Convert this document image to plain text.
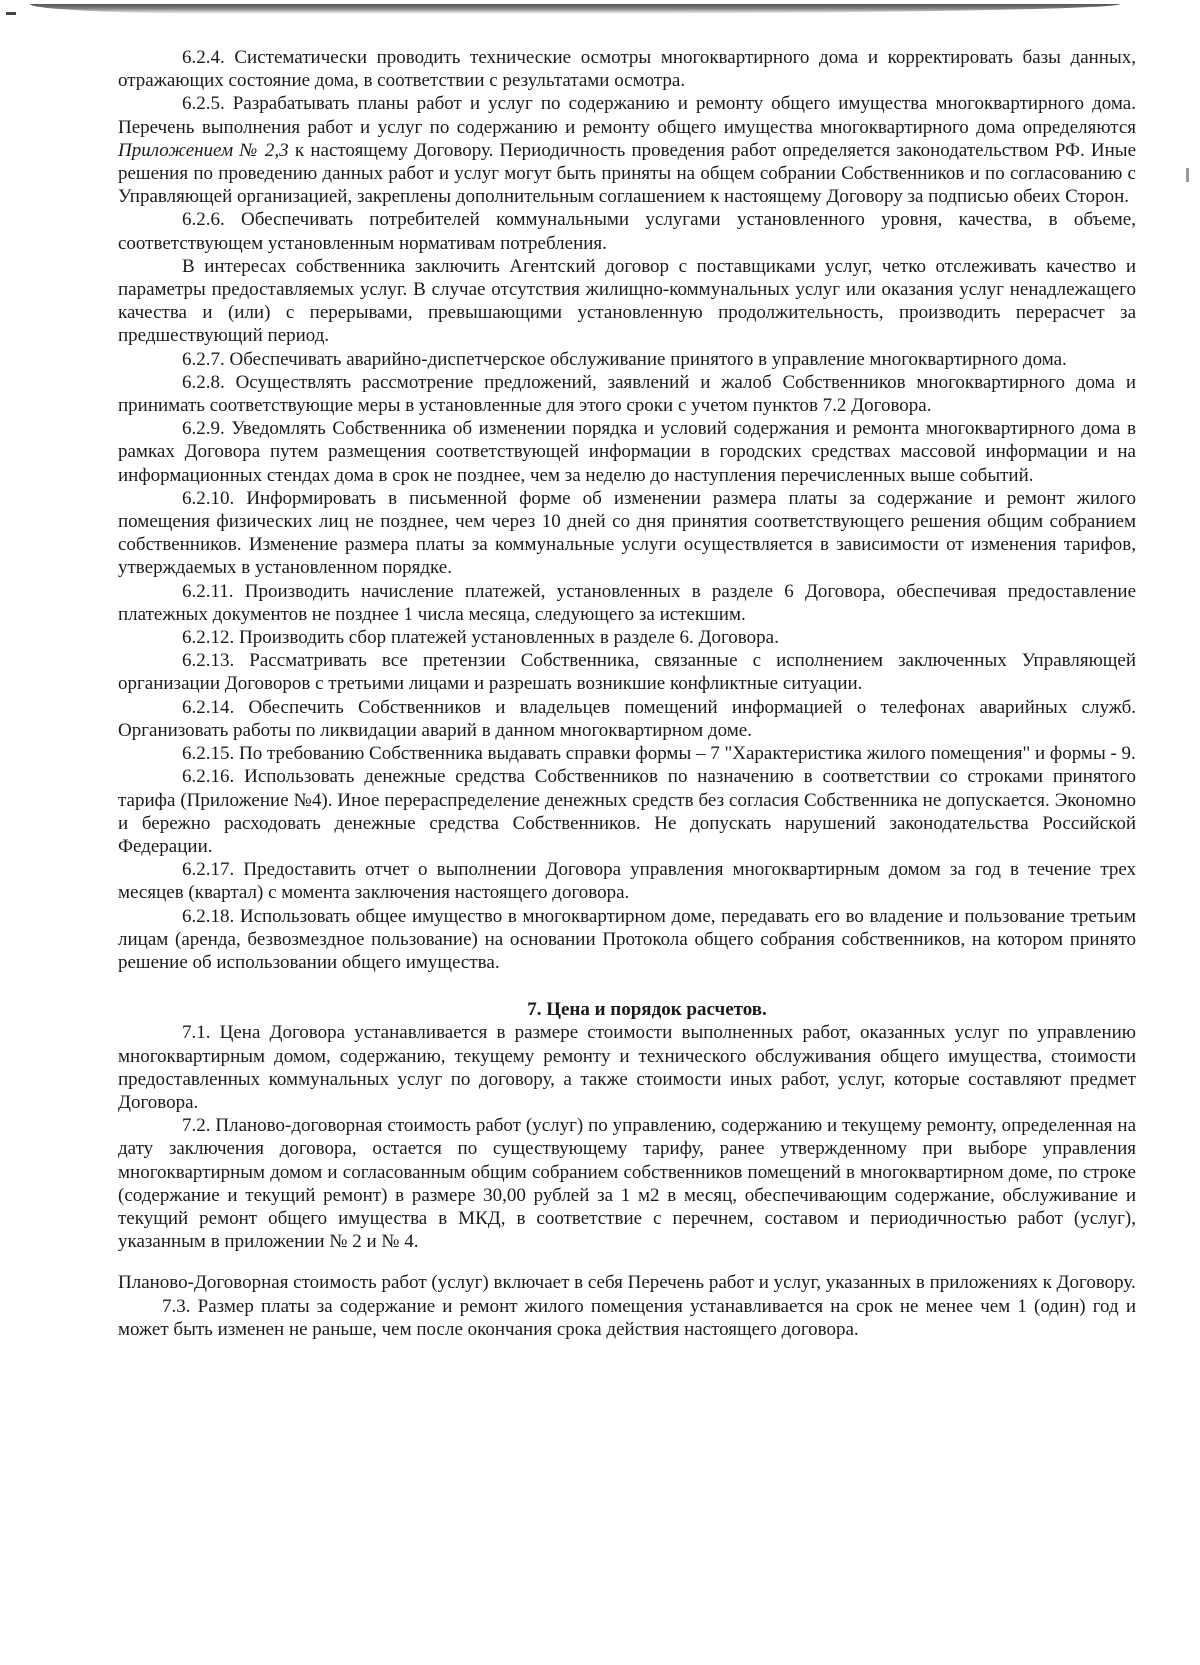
6.2.4. Систематически проводить технические осмотры многоквартирного дома и корректировать базы данных, отражающих состояние дома, в соответствии с результатами осмотра.

6.2.5. Разрабатывать планы работ и услуг по содержанию и ремонту общего имущества многоквартирного дома. Перечень выполнения работ и услуг по содержанию и ремонту общего имущества многоквартирного дома определяются Приложением № 2,3 к настоящему Договору. Периодичность проведения работ определяется законодательством РФ. Иные решения по проведению данных работ и услуг могут быть приняты на общем собрании Собственников и по согласованию с Управляющей организацией, закреплены дополнительным соглашением к настоящему Договору за подписью обеих Сторон.

6.2.6. Обеспечивать потребителей коммунальными услугами установленного уровня, качества, в объеме, соответствующем установленным нормативам потребления.

В интересах собственника заключить Агентский договор с поставщиками услуг, четко отслеживать качество и параметры предоставляемых услуг. В случае отсутствия жилищно-коммунальных услуг или оказания услуг ненадлежащего качества и (или) с перерывами, превышающими установленную продолжительность, производить перерасчет за предшествующий период.

6.2.7. Обеспечивать аварийно-диспетчерское обслуживание принятого в управление многоквартирного дома.

6.2.8. Осуществлять рассмотрение предложений, заявлений и жалоб Собственников многоквартирного дома и принимать соответствующие меры в установленные для этого сроки с учетом пунктов 7.2 Договора.

6.2.9. Уведомлять Собственника об изменении порядка и условий содержания и ремонта многоквартирного дома в рамках Договора путем размещения соответствующей информации в городских средствах массовой информации и на информационных стендах дома в срок не позднее, чем за неделю до наступления перечисленных выше событий.

6.2.10. Информировать в письменной форме об изменении размера платы за содержание и ремонт жилого помещения физических лиц не позднее, чем через 10 дней со дня принятия соответствующего решения общим собранием собственников. Изменение размера платы за коммунальные услуги осуществляется в зависимости от изменения тарифов, утверждаемых в установленном порядке.

6.2.11. Производить начисление платежей, установленных в разделе 6 Договора, обеспечивая предоставление платежных документов не позднее 1 числа месяца, следующего за истекшим.

6.2.12. Производить сбор платежей установленных в разделе 6. Договора.

6.2.13. Рассматривать все претензии Собственника, связанные с исполнением заключенных Управляющей организации Договоров с третьими лицами и разрешать возникшие конфликтные ситуации.

6.2.14. Обеспечить Собственников и владельцев помещений информацией о телефонах аварийных служб. Организовать работы по ликвидации аварий в данном многоквартирном доме.

6.2.15. По требованию Собственника выдавать справки формы – 7 "Характеристика жилого помещения" и формы - 9.

6.2.16. Использовать денежные средства Собственников по назначению в соответствии со строками принятого тарифа (Приложение №4). Иное перераспределение денежных средств без согласия Собственника не допускается. Экономно и бережно расходовать денежные средства Собственников. Не допускать нарушений законодательства Российской Федерации.

6.2.17. Предоставить отчет о выполнении Договора управления многоквартирным домом за год в течение трех месяцев (квартал) с момента заключения настоящего договора.

6.2.18. Использовать общее имущество в многоквартирном доме, передавать его во владение и пользование третьим лицам (аренда, безвозмездное пользование) на основании Протокола общего собрания собственников, на котором принято решение об использовании общего имущества.

7. Цена и порядок расчетов.

7.1. Цена Договора устанавливается в размере стоимости выполненных работ, оказанных услуг по управлению многоквартирным домом, содержанию, текущему ремонту и технического обслуживания общего имущества, стоимости предоставленных коммунальных услуг по договору, а также стоимости иных работ, услуг, которые составляют предмет Договора.

7.2. Планово-договорная стоимость работ (услуг) по управлению, содержанию и текущему ремонту, определенная на дату заключения договора, остается по существующему тарифу, ранее утвержденному при выборе управления многоквартирным домом и согласованным общим собранием собственников помещений в многоквартирном доме, по строке (содержание и текущий ремонт) в размере 30,00 рублей за 1 м2 в месяц, обеспечивающим содержание, обслуживание и текущий ремонт общего имущества в МКД, в соответствие с перечнем, составом и периодичностью работ (услуг), указанным в приложении № 2 и № 4.

Планово-Договорная стоимость работ (услуг) включает в себя Перечень работ и услуг, указанных в приложениях к Договору.

7.3. Размер платы за содержание и ремонт жилого помещения устанавливается на срок не менее чем 1 (один) год и может быть изменен не раньше, чем после окончания срока действия настоящего договора.
